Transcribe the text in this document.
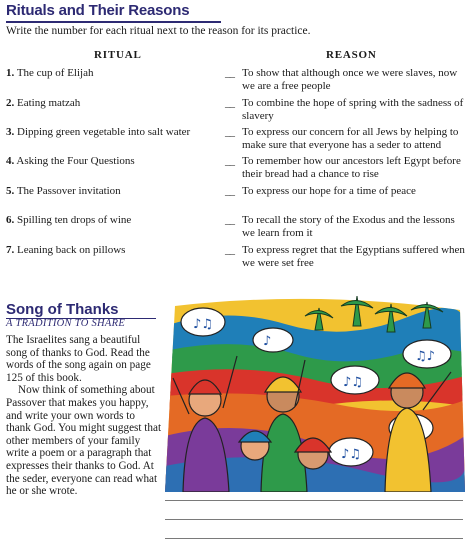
Rituals and Their Reasons
Write the number for each ritual next to the reason for its practice.
RITUAL	REASON
1. The cup of Elijah
2. Eating matzah
3. Dipping green vegetable into salt water
4. Asking the Four Questions
5. The Passover invitation
6. Spilling ten drops of wine
7. Leaning back on pillows
__
__
__
__
__
__
__
To show that although once we were slaves, now we are a free people
To combine the hope of spring with the sadness of slavery
To express our concern for all Jews by helping to make sure that everyone has a seder to attend
To remember how our ancestors left Egypt before their bread had a chance to rise
To express our hope for a time of peace
To recall the story of the Exodus and the lessons we learn from it
To express regret that the Egyptians suffered when we were set free
Song of Thanks
A TRADITION TO SHARE

The Israelites sang a beautiful song of thanks to God. Read the words of the song again on page 125 of this book.

Now think of something about Passover that makes you happy, and write your own words to thank God. You might suggest that other members of your family write a poem or a paragraph that expresses their thanks to God. At the seder, everyone can read what he or she wrote.

♪♫
♪
♫♪
♪♫
♪♫
